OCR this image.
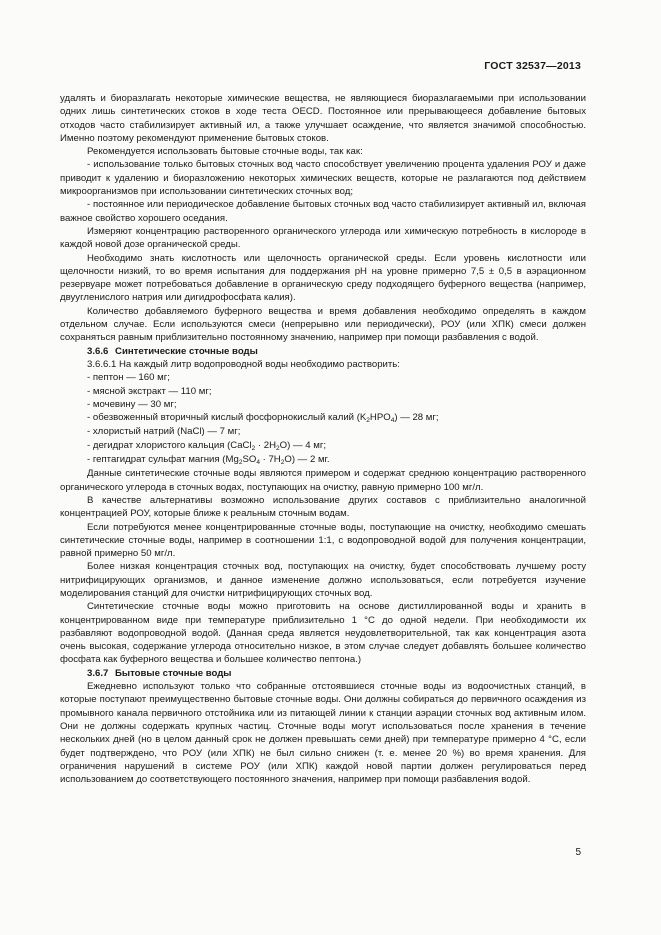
ГОСТ 32537—2013

удалять и биоразлагать некоторые химические вещества, не являющиеся биоразлагаемыми при использовании одних лишь синтетических стоков в ходе теста OECD. Постоянное или прерывающееся добавление бытовых отходов часто стабилизирует активный ил, а также улучшает осаждение, что является значимой способностью. Именно поэтому рекомендуют применение бытовых стоков.

Рекомендуется использовать бытовые сточные воды, так как:

- использование только бытовых сточных вод часто способствует увеличению процента удаления РОУ и даже приводит к удалению и биоразложению некоторых химических веществ, которые не разлагаются под действием микроорганизмов при использовании синтетических сточных вод;

- постоянное или периодическое добавление бытовых сточных вод часто стабилизирует активный ил, включая важное свойство хорошего оседания.

Измеряют концентрацию растворенного органического углерода или химическую потребность в кислороде в каждой новой дозе органической среды.

Необходимо знать кислотность или щелочность органической среды. Если уровень кислотности или щелочности низкий, то во время испытания для поддержания pH на уровне примерно 7,5 ± 0,5 в аэрационном резервуаре может потребоваться добавление в органическую среду подходящего буферного вещества (например, двуугленислого натрия или дигидрофосфата калия).

Количество добавляемого буферного вещества и время добавления необходимо определять в каждом отдельном случае. Если используются смеси (непрерывно или периодически), РОУ (или ХПК) смеси должен сохраняться равным приблизительно постоянному значению, например при помощи разбавления с водой.

3.6.6 Синтетические сточные воды

3.6.6.1 На каждый литр водопроводной воды необходимо растворить:

- пептон — 160 мг;

- мясной экстракт — 110 мг;

- мочевину — 30 мг;

- обезвоженный вторичный кислый фосфорнокислый калий $(K_2HPO_4)$ — 28 мг;

- хлористый натрий (NaCl) — 7 мг;

- дегидрат хлористого кальция (CaCl$_2$ · $2H_2O$) — 4 мг;

- гептагидрат сульфат магния $(Mg_2SO_4 \cdot 7H_2O)$ — 2 мг.

Данные синтетические сточные воды являются примером и содержат среднюю концентрацию растворенного органического углерода в сточных водах, поступающих на очистку, равную примерно 100 мг/л.

В качестве альтернативы возможно использование других составов с приблизительно аналогичной концентрацией РОУ, которые ближе к реальным сточным водам.

Если потребуются менее концентрированные сточные воды, поступающие на очистку, необходимо смешать синтетические сточные воды, например в соотношении 1:1, с водопроводной водой для получения концентрации, равной примерно 50 мг/л.

Более низкая концентрация сточных вод, поступающих на очистку, будет способствовать лучшему росту нитрифицирующих организмов, и данное изменение должно использоваться, если потребуется изучение моделирования станций для очистки нитрифицирующих сточных вод.

Синтетические сточные воды можно приготовить на основе дистиллированной воды и хранить в концентрированном виде при температуре приблизительно 1 °С до одной недели. При необходимости их разбавляют водопроводной водой. (Данная среда является неудовлетворительной, так как концентрация азота очень высокая, содержание углерода относительно низкое, в этом случае следует добавлять большее количество фосфата как буферного вещества и большее количество пептона.)

3.6.7 Бытовые сточные воды

Ежедневно используют только что собранные отстоявшиеся сточные воды из водоочистных станций, в которые поступают преимущественно бытовые сточные воды. Они должны собираться до первичного осаждения из промывного канала первичного отстойника или из питающей линии к станции аэрации сточных вод активным илом. Они не должны содержать крупных частиц. Сточные воды могут использоваться после хранения в течение нескольких дней (но в целом данный срок не должен превышать семи дней) при температуре примерно 4 °С, если будет подтверждено, что РОУ (или ХПК) не был сильно снижен (т. е. менее 20 %) во время хранения. Для ограничения нарушений в системе РОУ (или ХПК) каждой новой партии должен регулироваться перед использованием до соответствующего постоянного значения, например при помощи разбавления водой.

5
